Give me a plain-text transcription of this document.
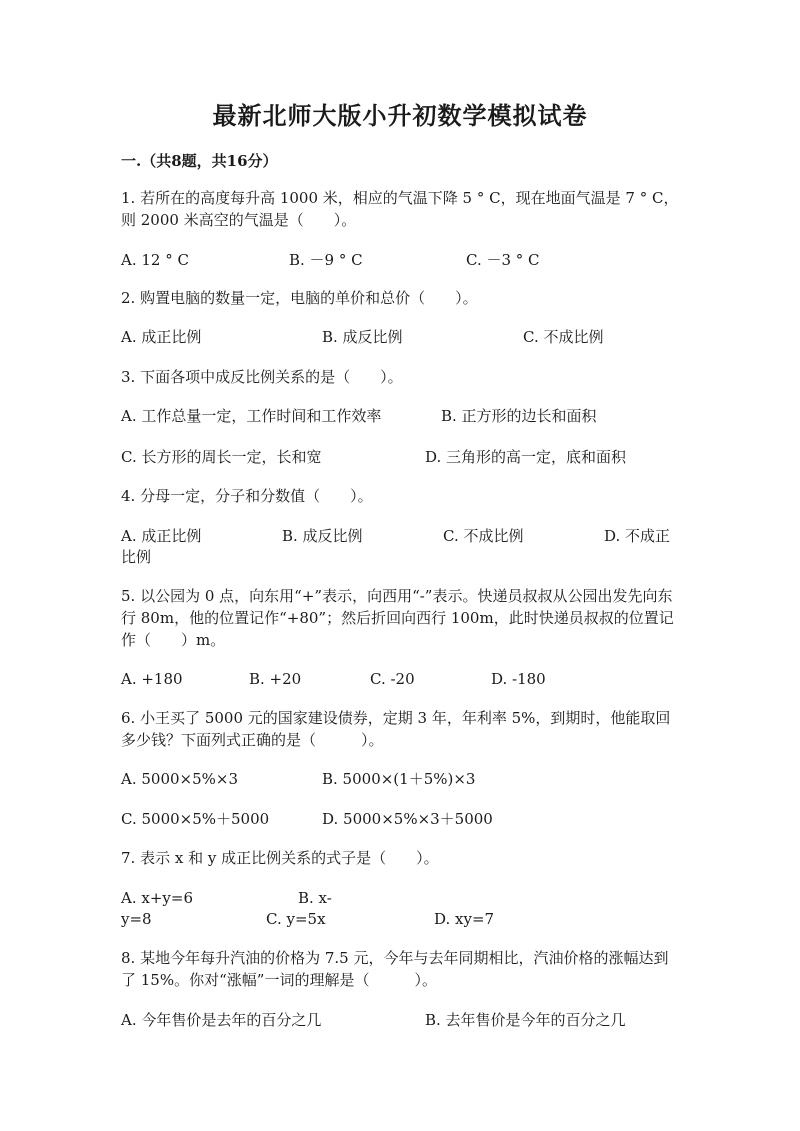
最新北师大版小升初数学模拟试卷
一.（共8题，共16分）
1. 若所在的高度每升高 1000 米，相应的气温下降 5 ° C，现在地面气温是 7 ° C，则 2000 米高空的气温是（　　）。
A. 12 ° C	B. －9 ° C	C. －3 ° C
2. 购置电脑的数量一定，电脑的单价和总价（　　）。
A. 成正比例	B. 成反比例	C. 不成比例
3. 下面各项中成反比例关系的是（　　）。
A. 工作总量一定，工作时间和工作效率	B. 正方形的边长和面积
C. 长方形的周长一定，长和宽	D. 三角形的高一定，底和面积
4. 分母一定，分子和分数值（　　）。
A. 成正比例	B. 成反比例	C. 不成比例	D. 不成正
比例
5. 以公园为 0 点，向东用“+”表示，向西用“-”表示。快递员叔叔从公园出发先向东行 80m，他的位置记作“+80”；然后折回向西行 100m，此时快递员叔叔的位置记作（　　）m。
A. +180	B. +20	C. -20	D. -180
6. 小王买了 5000 元的国家建设债券，定期 3 年，年利率 5%，到期时，他能取回多少钱？下面列式正确的是（　　　）。
A. 5000×5%×3	B. 5000×(1＋5%)×3
C. 5000×5%＋5000	D. 5000×5%×3＋5000
7. 表示 x 和 y 成正比例关系的式子是（　　）。
A. x+y=6	B. x-
y=8	C. y=5x	D. xy=7
8. 某地今年每升汽油的价格为 7.5 元，今年与去年同期相比，汽油价格的涨幅达到了 15%。你对“涨幅”一词的理解是（　　　）。
A. 今年售价是去年的百分之几	B. 去年售价是今年的百分之几
